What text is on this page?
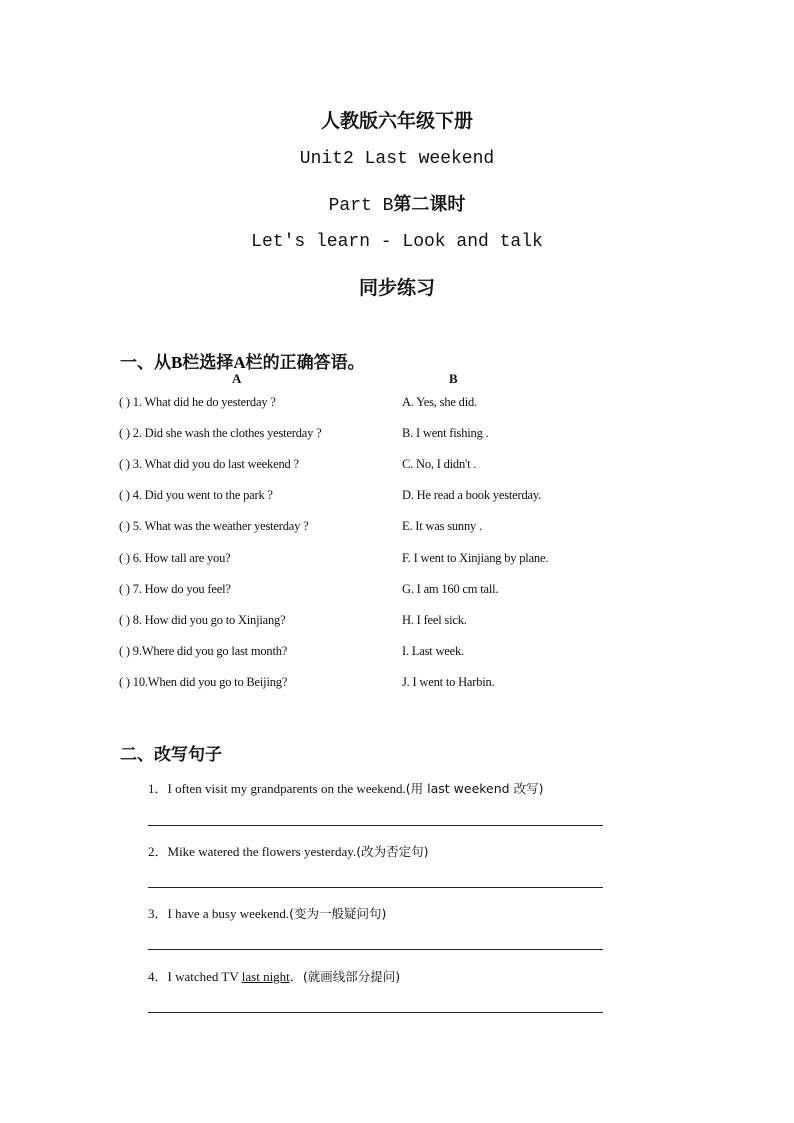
人教版六年级下册
Unit2 Last weekend
Part B第二课时
Let's learn - Look and talk
同步练习
一、从B栏选择A栏的正确答语。
A	B
( ) 1. What did he do yesterday ?	A. Yes, she did.
( ) 2. Did she wash the clothes yesterday ?	B. I went fishing .
( ) 3. What did you do last weekend ?	C. No, I didn't .
( ) 4. Did you went to the park ?	D. He read a book yesterday.
( ) 5. What was the weather yesterday ?	E. It was sunny .
( ) 6. How tall are you?	F. I went to Xinjiang by plane.
( ) 7. How do you feel?	G. I am 160 cm tall.
( ) 8. How did you go to Xinjiang?	H. I feel sick.
( ) 9.Where did you go last month?	I. Last week.
( ) 10.When did you go to Beijing?	J. I went to Harbin.
二、改写句子
1．I often visit my grandparents on the weekend.(用 last weekend 改写)
2．Mike watered the flowers yesterday.(改为否定句)
3．I have a busy weekend.(变为一般疑问句)
4．I watched TV last night．(就画线部分提问)
